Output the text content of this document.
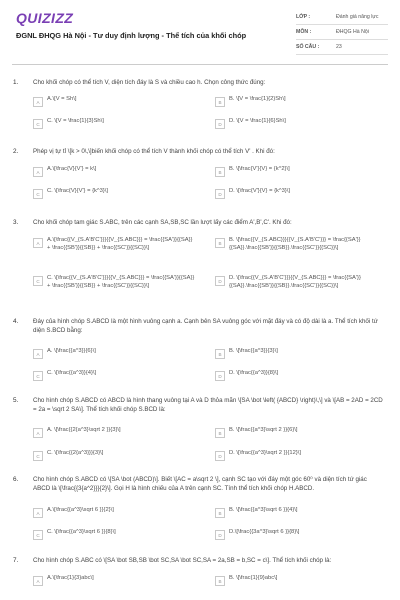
QUIZIZZ
ĐGNL ĐHQG Hà Nội - Tư duy định lượng - Thể tích của khối chóp
LỚP :	Đánh giá năng lực
MÔN :	ĐHQG Hà Nội
SỐ CÂU :	23
1. Cho khối chóp có thể tích V, diện tích đáy là S và chiều cao h. Chọn công thức đúng:
A	A.\[V = Sh\]	B	B. \[V = \frac{1}{2}Sh\]
C	C. \[V = \frac{1}{3}Sh\]	D	D. \[V = \frac{1}{6}Sh\]
2. Phép vị tự tỉ \[k > 0\,\]biến khối chóp có thể tích V thành khối chóp có thể tích V' . Khi đó:
A	A.\[\frac{V}{V'} = k\]	B	B. \[\frac{V'}{V} = {k^2}\]
C	C. \[\frac{V}{V'} = {k^3}\]	D	D. \[\frac{V'}{V} = {k^3}\]
3. Cho khối chóp tam giác S.ABC, trên các cạnh SA,SB,SC lần lượt lấy các điểm A',B',C'. Khi đó:
A	A.\[\frac{{V_{S.A'B'C'}}}{{V_{S.ABC}}} = \frac{{SA'}}{{SA}} + \frac{{SB'}}{{SB}} + \frac{{SC'}}{{SC}}\]
B	B. \[\frac{{V_{S.ABC}}}{{V_{S.A'B'C'}}} = \frac{{SA'}}{{SA}}.\frac{{SB'}}{{SB}}.\frac{{SC'}}{{SC}}\]
C	C. \[\frac{{V_{S.A'B'C'}}}{{V_{S.ABC}}} = \frac{{SA'}}{{SA}} + \frac{{SB'}}{{SB}} + \frac{{SC'}}{{SC}}\]
D	D. \[\frac{{V_{S.A'B'C'}}}{{V_{S.ABC}}} = \frac{{SA'}}{{SA}}.\frac{{SB'}}{{SB}}.\frac{{SC'}}{{SC}}\]
4. Đáy của hình chóp S.ABCD là một hình vuông cạnh a. Cạnh bên SA vuông góc với mặt đáy và có độ dài là a. Thể tích khối tứ diện S.BCD bằng:
A	A. \[\frac{{a^3}}{6}\]	B	B. \[\frac{{a^3}}{3}\]
C	C. \[\frac{{a^3}}{4}\]	D	D. \[\frac{{a^3}}{8}\]
5. Cho hình chóp S.ABCD có ABCD là hình thang vuông tại A và D thỏa mãn \[SA \bot \left( {ABCD} \right)\,\] và \[AB = 2AD = 2CD = 2a = \sqrt 2 SA\]. Thể tích khối chóp S.BCD là:
A	A. \[\frac{{2{a^3}\sqrt 2 }}{3}\]	B	B. \[\frac{{a^3}\sqrt 2 }}{6}\]
C	C. \[\frac{{2{a^3}}}{3}\]	D	D. \[\frac{{a^3}\sqrt 2 }}{12}\]
6. Cho hình chóp S.ABCD có \[SA \bot (ABCD)\]. Biết \[AC = a\sqrt 2 \], cạnh SC tạo với đáy một góc 60⁰ và diện tích tứ giác ABCD là \[\frac{{3{a^2}}}{2}\]. Gọi H là hình chiếu của A trên cạnh SC. Tính thể tích khối chóp H.ABCD.
A	A.\[\frac{{a^3}\sqrt 6 }}{2}\]	B	B. \[\frac{{a^3}\sqrt 6 }}{4}\]
C	C. \[\frac{{a^3}\sqrt 6 }}{8}\]	D	D.\[\frac{{3a^3}\sqrt 6 }}{8}\]
7. Cho hình chóp S.ABC có \[SA \bot SB,SB \bot SC,SA \bot SC,SA = 2a,SB = b,SC = c\]. Thể tích khối chóp là:
A	A.\[\frac{1}{3}abc\]	B	B. \[\frac{1}{9}abc\]
